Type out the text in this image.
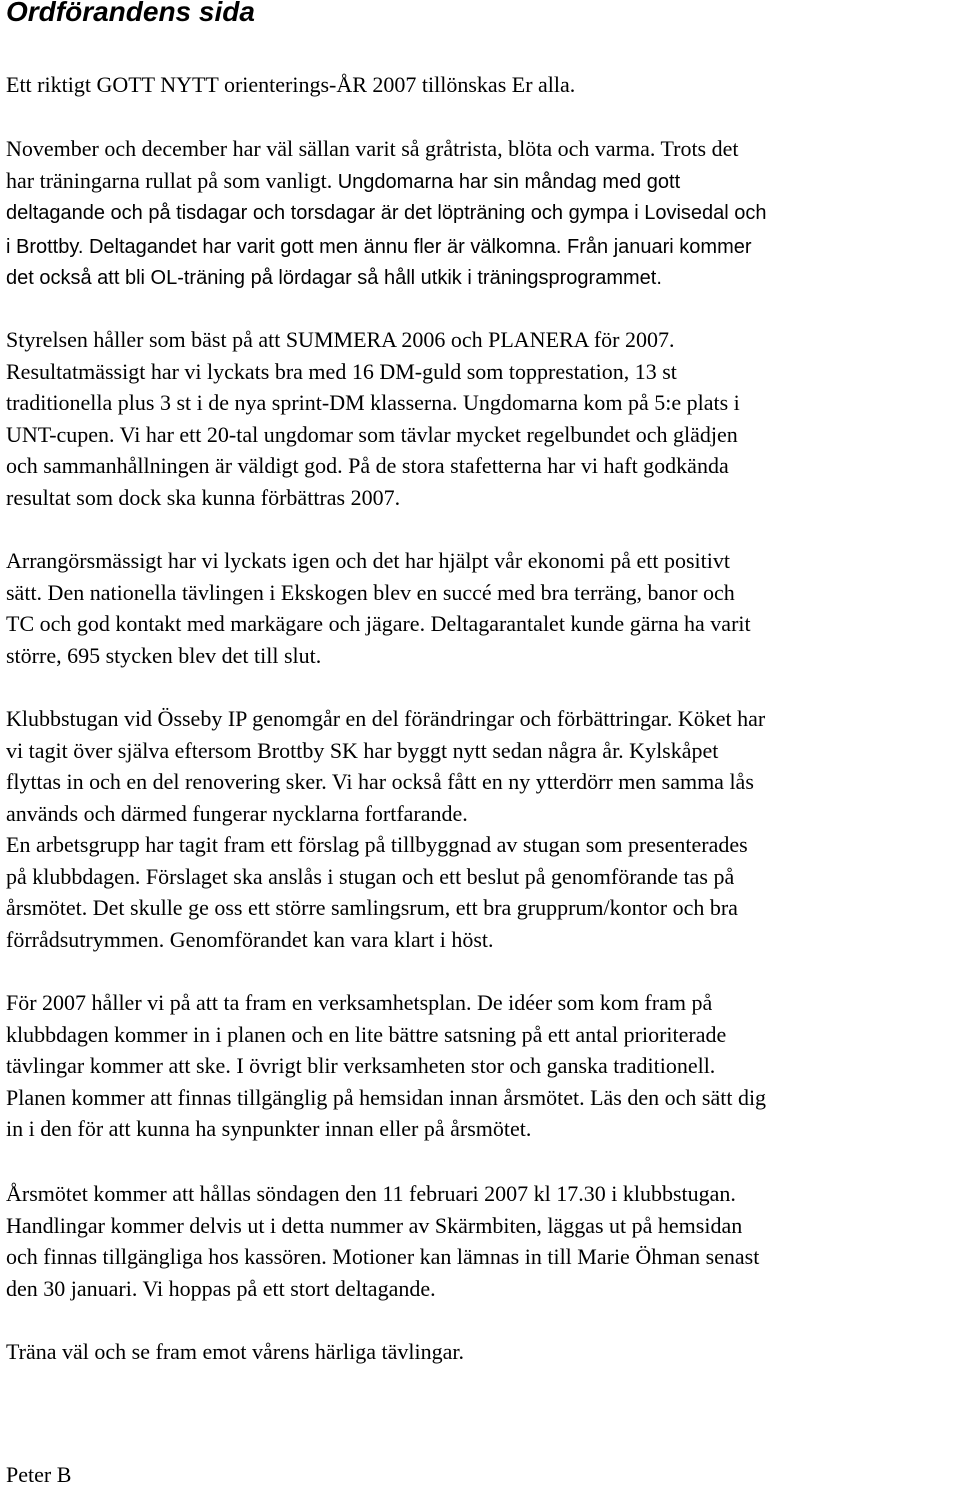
Ordförandens sida

Ett riktigt GOTT NYTT orienterings-ÅR 2007 tillönskas Er alla.

November och december har väl sällan varit så gråtrista, blöta och varma. Trots det
har träningarna rullat på som vanligt. Ungdomarna har sin måndag med gott
deltagande och på tisdagar och torsdagar är det löpträning och gympa i Lovisedal och
i Brottby. Deltagandet har varit gott men ännu fler är välkomna. Från januari kommer
det också att bli OL-träning på lördagar så håll utkik i träningsprogrammet.

Styrelsen håller som bäst på att SUMMERA 2006 och PLANERA för 2007.
Resultatmässigt har vi lyckats bra med 16 DM-guld som topprestation, 13 st
traditionella plus 3 st i de nya sprint-DM klasserna. Ungdomarna kom på 5:e plats i
UNT-cupen. Vi har ett 20-tal ungdomar som tävlar mycket regelbundet och glädjen
och sammanhållningen är väldigt god. På de stora stafetterna har vi haft godkända
resultat som dock ska kunna förbättras 2007.

Arrangörsmässigt har vi lyckats igen och det har hjälpt vår ekonomi på ett positivt
sätt. Den nationella tävlingen i Ekskogen blev en succé med bra terräng, banor och
TC och god kontakt med markägare och jägare. Deltagarantalet kunde gärna ha varit
större, 695 stycken blev det till slut.

Klubbstugan vid Össeby IP genomgår en del förändringar och förbättringar. Köket har
vi tagit över själva eftersom Brottby SK har byggt nytt sedan några år. Kylskåpet
flyttas in och en del renovering sker. Vi har också fått en ny ytterdörr men samma lås
används och därmed fungerar nycklarna fortfarande.
En arbetsgrupp har tagit fram ett förslag på tillbyggnad av stugan som presenterades
på klubbdagen. Förslaget ska anslås i stugan och ett beslut på genomförande tas på
årsmötet. Det skulle ge oss ett större samlingsrum, ett bra grupprum/kontor och bra
förrådsutrymmen. Genomförandet kan vara klart i höst.

För 2007 håller vi på att ta fram en verksamhetsplan. De idéer som kom fram på
klubbdagen kommer in i planen och en lite bättre satsning på ett antal prioriterade
tävlingar kommer att ske. I övrigt blir verksamheten stor och ganska traditionell.
Planen kommer att finnas tillgänglig på hemsidan innan årsmötet. Läs den och sätt dig
in i den för att kunna ha synpunkter innan eller på årsmötet.

Årsmötet kommer att hållas söndagen den 11 februari 2007 kl 17.30 i klubbstugan.
Handlingar kommer delvis ut i detta nummer av Skärmbiten, läggas ut på hemsidan
och finnas tillgängliga hos kassören. Motioner kan lämnas in till Marie Öhman senast
den 30 januari. Vi hoppas på ett stort deltagande.

Träna väl och se fram emot vårens härliga tävlingar.

Peter B
